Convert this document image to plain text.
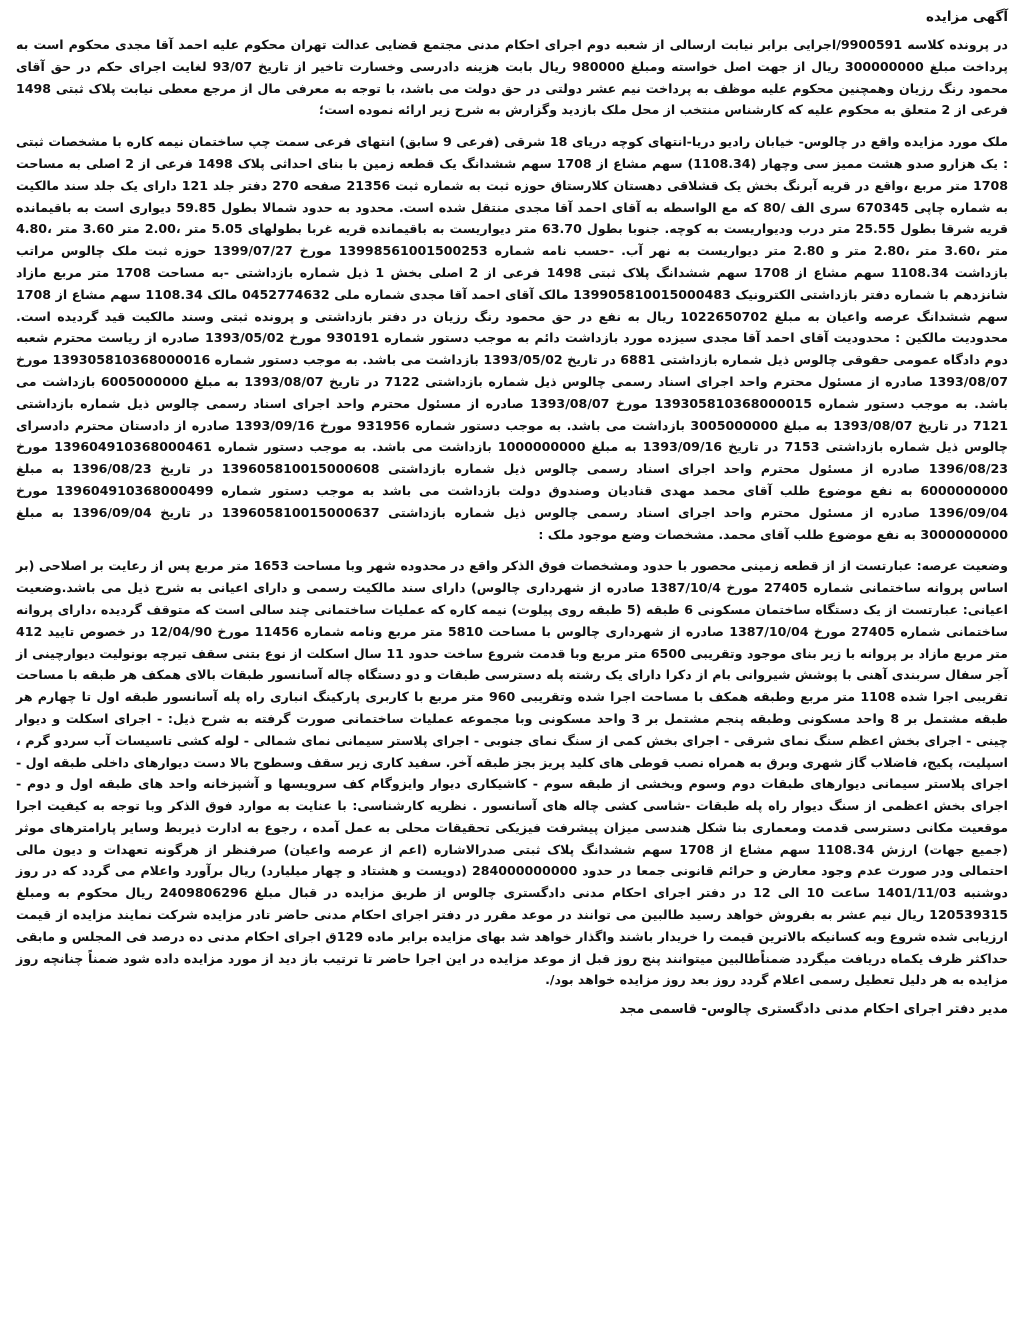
آگهی مزایده

در پرونده کلاسه 9900591/اجرایی برابر نیابت ارسالی از شعبه دوم اجرای احکام مدنی مجتمع قضایی عدالت تهران محکوم علیه احمد آقا مجدی محکوم است به پرداخت مبلغ 300000000 ریال از جهت اصل خواسته ومبلغ 980000 ریال بابت هزینه دادرسی وخسارت تاخیر از تاریخ 93/07 لغایت اجرای حکم در حق آقای محمود رنگ رزیان وهمچنین محکوم علیه موظف به پرداخت نیم عشر دولتی در حق دولت می باشد، با توجه به معرفی مال از مرجع معطی نیابت پلاک ثبتی 1498 فرعی از 2 متعلق به محکوم علیه که کارشناس منتخب از محل ملک بازدید وگزارش به شرح زیر ارائه نموده است؛

ملک مورد مزایده واقع در چالوس- خیابان رادیو دریا-انتهای کوچه دریای 18 شرقی (فرعی 9 سابق) انتهای فرعی سمت چپ ساختمان نیمه کاره با مشخصات ثبتی : یک هزارو صدو هشت ممیز سی وچهار (1108.34) سهم مشاع از 1708 سهم ششدانگ یک قطعه زمین با بنای احداثی پلاک 1498 فرعی از 2 اصلی به مساحت 1708 متر مربع ،واقع در قریه آبرنگ بخش یک قشلاقی دهستان کلارستاق حوزه ثبت به شماره ثبت 21356 صفحه 270 دفتر جلد 121 دارای یک جلد سند مالکیت به شماره چاپی 670345 سری الف /80 که مع الواسطه به آقای احمد آقا مجدی منتقل شده است. محدود به حدود شمالا بطول 59.85 دیواری است به باقیمانده قریه شرقا بطول 25.55 متر درب ودیواریست به کوچه. جنوبا بطول 63.70 متر دیواریست به باقیمانده قریه غربا بطولهای 5.05 متر ،2.00 متر 3.60 متر ،4.80 متر ،3.60 متر ،2.80 متر و 2.80 متر دیواریست به نهر آب. -حسب نامه شماره 13998561001500253 مورخ 1399/07/27 حوزه ثبت ملک چالوس مراتب بازداشت 1108.34 سهم مشاع از 1708 سهم ششدانگ پلاک ثبتی 1498 فرعی از 2 اصلی بخش 1 ذیل شماره بازداشتی -به مساحت 1708 متر مربع مازاد شانزدهم با شماره دفتر بازداشتی الکترونیک 139905810015000483 مالک آقای احمد آقا مجدی شماره ملی 0452774632 مالک 1108.34 سهم مشاع از 1708 سهم ششدانگ عرصه واعیان به مبلغ 1022650702 ریال به نفع در حق محمود رنگ رزیان در دفتر بازداشتی و پرونده ثبتی وسند مالکیت قید گردیده است. محدودیت مالکین : محدودیت آقای احمد آقا مجدی سیزده مورد بازداشت دائم به موجب دستور شماره 930191 مورخ 1393/05/02 صادره از ریاست محترم شعبه دوم دادگاه عمومی حقوقی چالوس ذیل شماره بازداشتی 6881 در تاریخ 1393/05/02 بازداشت می باشد. به موجب دستور شماره 139305810368000016 مورخ 1393/08/07 صادره از مسئول محترم واحد اجرای اسناد رسمی چالوس ذیل شماره بازداشتی 7122 در تاریخ 1393/08/07 به مبلغ 6005000000 بازداشت می باشد. به موجب دستور شماره 139305810368000015 مورخ 1393/08/07 صادره از مسئول محترم واحد اجرای اسناد رسمی چالوس ذیل شماره بازداشتی 7121 در تاریخ 1393/08/07 به مبلغ 3005000000 بازداشت می باشد. به موجب دستور شماره 931956 مورخ 1393/09/16 صادره از دادستان محترم دادسرای چالوس ذیل شماره بازداشتی 7153 در تاریخ 1393/09/16 به مبلغ 1000000000 بازداشت می باشد. به موجب دستور شماره 139604910368000461 مورخ 1396/08/23 صادره از مسئول محترم واحد اجرای اسناد رسمی چالوس ذیل شماره بازداشتی 139605810015000608 در تاریخ 1396/08/23 به مبلغ 6000000000 به نفع موضوع طلب آقای محمد مهدی قنادیان وصندوق دولت بازداشت می باشد به موجب دستور شماره 139604910368000499 مورخ 1396/09/04 صادره از مسئول محترم واحد اجرای اسناد رسمی چالوس ذیل شماره بازداشتی 139605810015000637 در تاریخ 1396/09/04 به مبلغ 3000000000 به نفع موضوع طلب آقای محمد. مشخصات وضع موجود ملک :

وضعیت عرصه: عبارتست از از قطعه زمینی محصور با حدود ومشخصات فوق الذکر واقع در محدوده شهر وبا مساحت 1653 متر مربع پس از رعایت بر اصلاحی (بر اساس پروانه ساختمانی شماره 27405 مورخ 1387/10/4 صادره از شهرداری چالوس) دارای سند مالکیت رسمی و دارای اعیانی به شرح ذیل می باشد.وضعیت اعیانی: عبارتست از یک دستگاه ساختمان مسکونی 6 طبقه (5 طبقه روی پیلوت) نیمه کاره که عملیات ساختمانی چند سالی است که متوقف گردیده ،دارای پروانه ساختمانی شماره 27405 مورخ 1387/10/04 صادره از شهرداری چالوس با مساحت 5810 متر مربع ونامه شماره 11456 مورخ 12/04/90 در خصوص تایید 412 متر مربع مازاد بر پروانه با زیر بنای موجود وتقریبی 6500 متر مربع وبا قدمت شروع ساخت حدود 11 سال اسکلت از نوع بتنی سقف تیرچه بونولیت دیوارچینی از آجر سفال سربندی آهنی با پوشش شیروانی بام از دکرا دارای یک رشته پله دسترسی طبقات و دو دستگاه چاله آسانسور طبقات بالای همکف هر طبقه با مساحت تقریبی اجرا شده 1108 متر مربع وطبقه همکف با مساحت اجرا شده وتقریبی 960 متر مربع با کاربری پارکینگ انباری راه پله آسانسور طبقه اول تا چهارم هر طبقه مشتمل بر 8 واحد مسکونی وطبقه پنجم مشتمل بر 3 واحد مسکونی وبا مجموعه عملیات ساختمانی صورت گرفته به شرح ذیل: - اجرای اسکلت و دیوار چینی - اجرای بخش اعظم سنگ نمای شرقی - اجرای بخش کمی از سنگ نمای جنوبی - اجرای پلاستر سیمانی نمای شمالی - لوله کشی تاسیسات آب سردو گرم ، اسپلیت، پکیج، فاضلاب گاز شهری وبرق به همراه نصب قوطی های کلید پریز بجز طبقه آخر. سفید کاری زیر سقف وسطوح بالا دست دیوارهای داخلی طبقه اول - اجرای پلاستر سیمانی دیوارهای طبقات دوم وسوم وبخشی از طبقه سوم - کاشیکاری دیوار وایزوگام کف سرویسها و آشپزخانه واحد های طبقه اول و دوم - اجرای بخش اعظمی از سنگ دیوار راه پله طبقات -شاسی کشی چاله های آسانسور . نظریه کارشناسی: با عنایت به موارد فوق الذکر وبا توجه به کیفیت اجرا موقعیت مکانی دسترسی قدمت ومعماری بنا شکل هندسی میزان پیشرفت فیزیکی تحقیقات محلی به عمل آمده ، رجوع به ادارت ذیربط وسایر پارامترهای موثر (جمیع جهات) ارزش 1108.34 سهم مشاع از 1708 سهم ششدانگ پلاک ثبتی صدرالاشاره (اعم از عرصه واعیان) صرفنظر از هرگونه تعهدات و دیون مالی احتمالی ودر صورت عدم وجود معارض و حرائم قانونی جمعا در حدود 284000000000 (دویست و هشتاد و چهار میلیارد) ریال برآورد واعلام می گردد که در روز دوشنبه 1401/11/03 ساعت 10 الی 12 در دفتر اجرای احکام مدنی دادگستری چالوس از طریق مزایده در قبال مبلغ 2409806296 ریال محکوم به ومبلغ 120539315 ریال نیم عشر به بفروش خواهد رسید طالبین می توانند در موعد مقرر در دفتر اجرای احکام مدنی حاضر تادر مزایده شرکت نمایند مزایده از قیمت ارزیابی شده شروع وبه کسانیکه بالاترین قیمت را خریدار باشند واگذار خواهد شد بهای مزایده برابر ماده 129ق اجرای احکام مدنی ده درصد فی المجلس و مابقی حداکثر ظرف یکماه دریافت میگردد ضمناًطالبین میتوانند پنج روز قبل از موعد مزایده در این اجرا حاضر تا ترتیب باز دید از مورد مزایده داده شود ضمناً چنانچه روز مزایده به هر دلیل تعطیل رسمی اعلام گردد روز بعد روز مزایده خواهد بود/.

مدیر دفتر اجرای احکام مدنی دادگستری چالوس- قاسمی مجد
